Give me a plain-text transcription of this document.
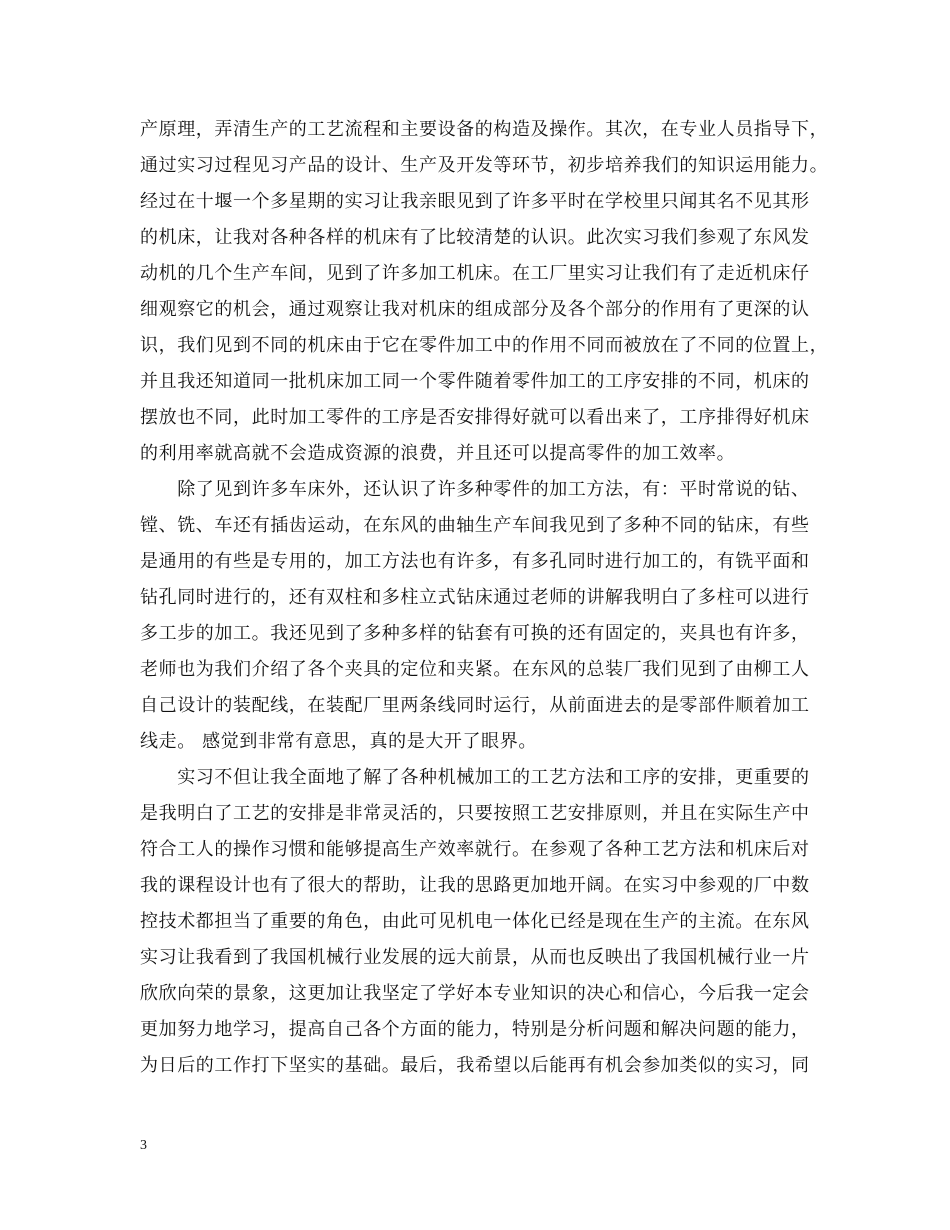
产原理，弄清生产的工艺流程和主要设备的构造及操作。其次，在专业人员指导下，
通过实习过程见习产品的设计、生产及开发等环节，初步培养我们的知识运用能力。
经过在十堰一个多星期的实习让我亲眼见到了许多平时在学校里只闻其名不见其形
的机床，让我对各种各样的机床有了比较清楚的认识。此次实习我们参观了东风发
动机的几个生产车间，见到了许多加工机床。在工厂里实习让我们有了走近机床仔
细观察它的机会，通过观察让我对机床的组成部分及各个部分的作用有了更深的认
识，我们见到不同的机床由于它在零件加工中的作用不同而被放在了不同的位置上，
并且我还知道同一批机床加工同一个零件随着零件加工的工序安排的不同，机床的
摆放也不同，此时加工零件的工序是否安排得好就可以看出来了，工序排得好机床
的利用率就高就不会造成资源的浪费，并且还可以提高零件的加工效率。
　　除了见到许多车床外，还认识了许多种零件的加工方法，有：平时常说的钻、
镗、铣、车还有插齿运动，在东风的曲轴生产车间我见到了多种不同的钻床，有些
是通用的有些是专用的，加工方法也有许多，有多孔同时进行加工的，有铣平面和
钻孔同时进行的，还有双柱和多柱立式钻床通过老师的讲解我明白了多柱可以进行
多工步的加工。我还见到了多种多样的钻套有可换的还有固定的，夹具也有许多，
老师也为我们介绍了各个夹具的定位和夹紧。在东风的总装厂我们见到了由柳工人
自己设计的装配线，在装配厂里两条线同时运行，从前面进去的是零部件顺着加工
线走。 感觉到非常有意思，真的是大开了眼界。
　　实习不但让我全面地了解了各种机械加工的工艺方法和工序的安排，更重要的
是我明白了工艺的安排是非常灵活的，只要按照工艺安排原则，并且在实际生产中
符合工人的操作习惯和能够提高生产效率就行。在参观了各种工艺方法和机床后对
我的课程设计也有了很大的帮助，让我的思路更加地开阔。在实习中参观的厂中数
控技术都担当了重要的角色，由此可见机电一体化已经是现在生产的主流。在东风
实习让我看到了我国机械行业发展的远大前景，从而也反映出了我国机械行业一片
欣欣向荣的景象，这更加让我坚定了学好本专业知识的决心和信心，今后我一定会
更加努力地学习，提高自己各个方面的能力，特别是分析问题和解决问题的能力，
为日后的工作打下坚实的基础。最后，我希望以后能再有机会参加类似的实习，同
3
